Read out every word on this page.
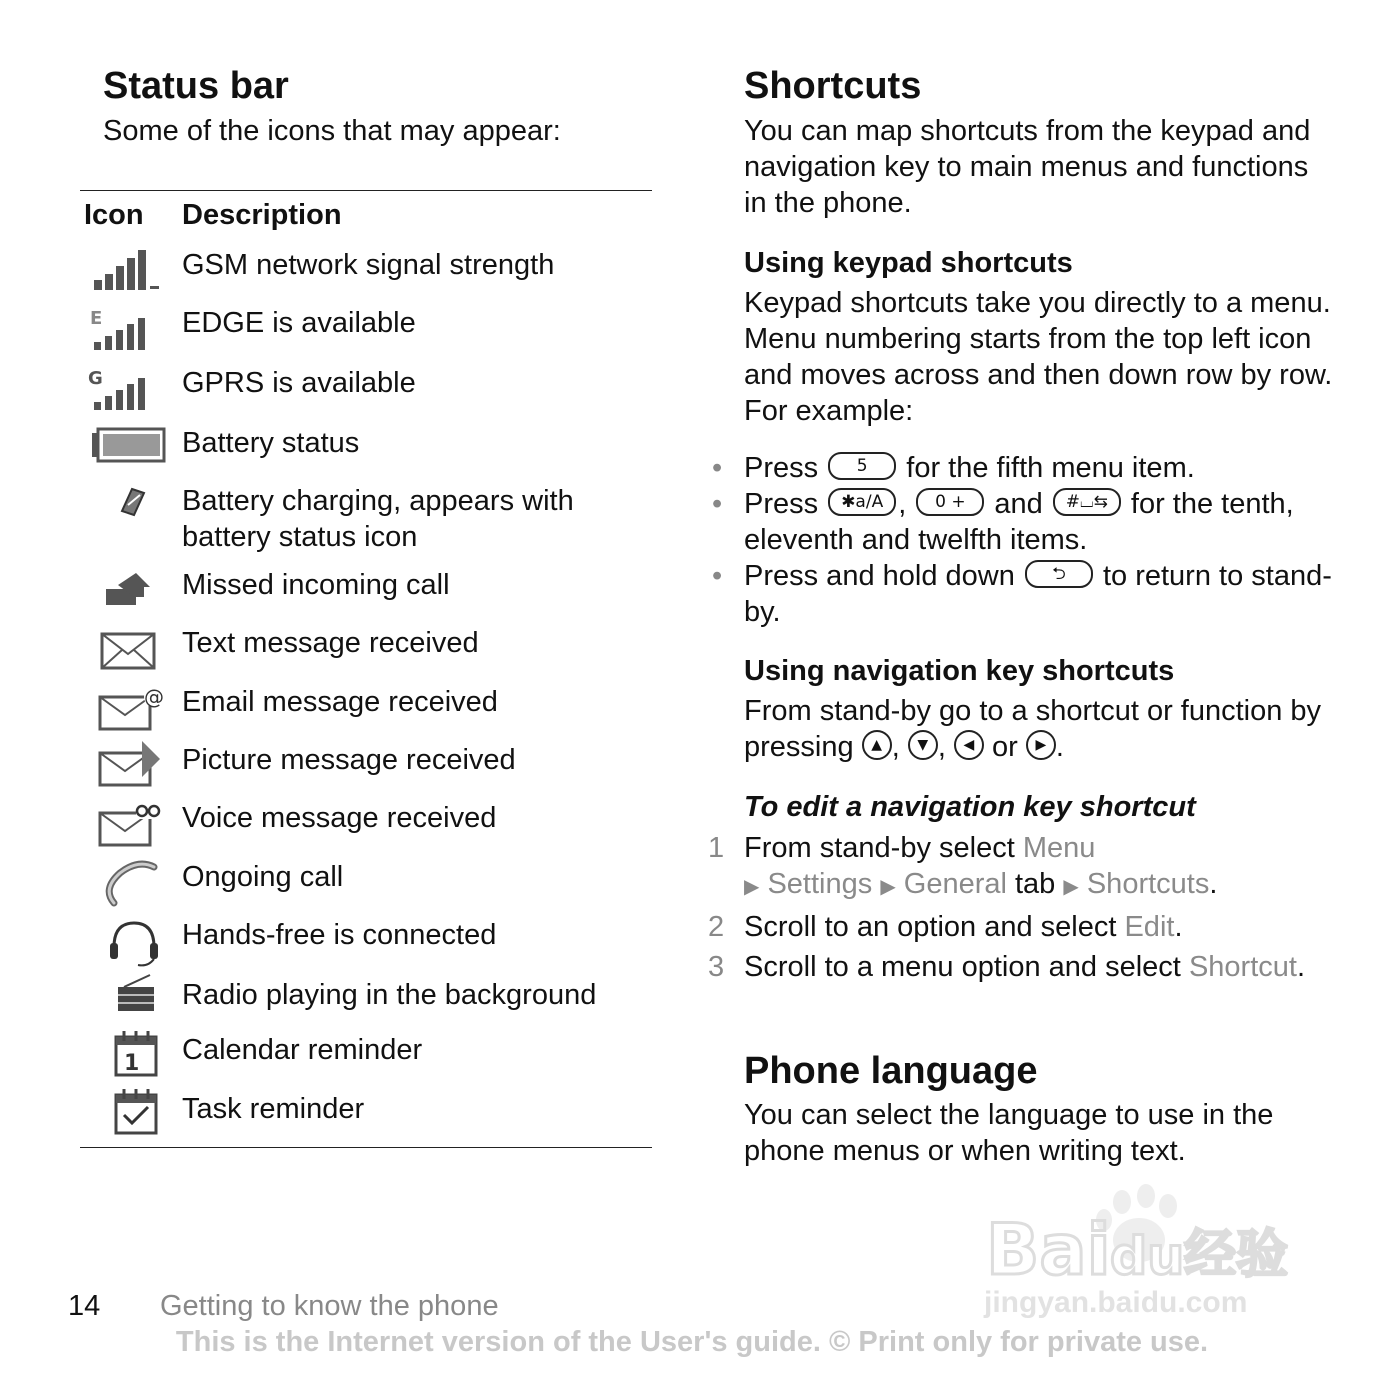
Status bar
Some of the icons that may appear:
Icon Description
GSM network signal strength
E	EDGE is available
G	GPRS is available
Battery status
Battery charging, appears with battery status icon
Missed incoming call
Text message received
@ Email message received
Picture message received
Voice message received
Ongoing call
Hands-free is connected
Radio playing in the background
1 Calendar reminder
Task reminder
Shortcuts
You can map shortcuts from the keypad and navigation key to main menus and functions in the phone.
Using keypad shortcuts
Keypad shortcuts take you directly to a menu. Menu numbering starts from the top left icon and moves across and then down row by row. For example:
• Press 5 for the fifth menu item.
• Press ✱a/A , 0 + and #⌴⇆ for the tenth, eleventh and twelfth items.
• Press and hold down ⮌ to return to stand-by.
Using navigation key shortcuts
From stand-by go to a shortcut or function by pressing ▲ , ▼ , ◀ or ▶ .
To edit a navigation key shortcut
1 From stand-by select Menu
▶ Settings ▶ General tab ▶ Shortcuts.
2 Scroll to an option and select Edit.
3 Scroll to a menu option and select Shortcut.
Phone language
You can select the language to use in the phone menus or when writing text.
Bai du 经验
jingyan.baidu.com
14 Getting to know the phone
This is the Internet version of the User's guide. © Print only for private use.
